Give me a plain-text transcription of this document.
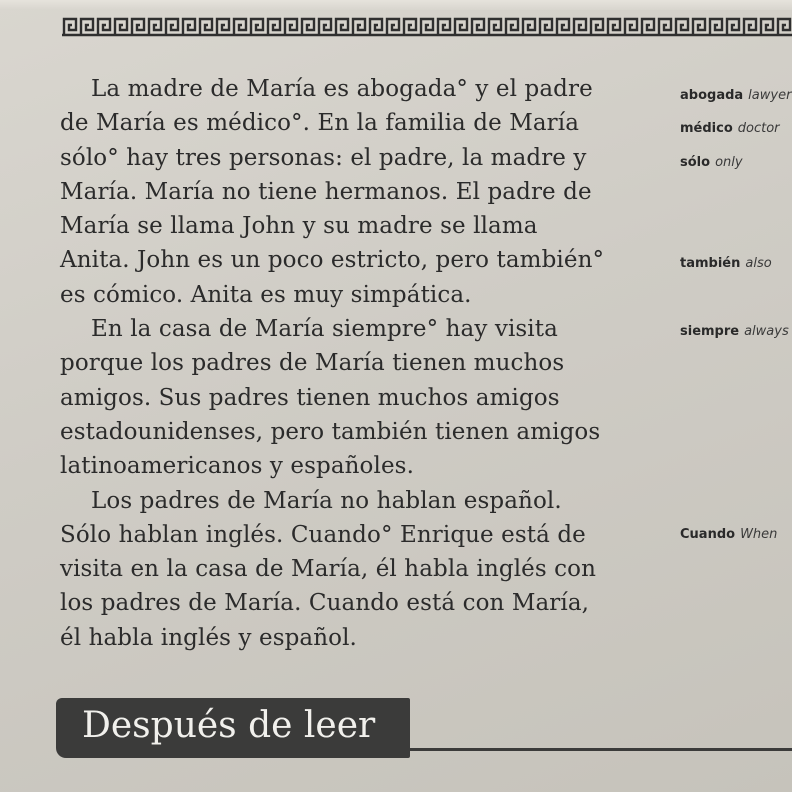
La madre de María es abogada° y el padre
de María es médico°. En la familia de María
sólo° hay tres personas: el padre, la madre y
María. María no tiene hermanos. El padre de
María se llama John y su madre se llama
Anita. John es un poco estricto, pero también°
es cómico. Anita es muy simpática.

En la casa de María siempre° hay visita
porque los padres de María tienen muchos
amigos. Sus padres tienen muchos amigos
estadounidenses, pero también tienen amigos
latinoamericanos y españoles.

Los padres de María no hablan español.
Sólo hablan inglés. Cuando° Enrique está de
visita en la casa de María, él habla inglés con
los padres de María. Cuando está con María,
él habla inglés y español.

abogada lawyer
médico doctor
sólo only
también also
siempre always
Cuando When
Después de leer
